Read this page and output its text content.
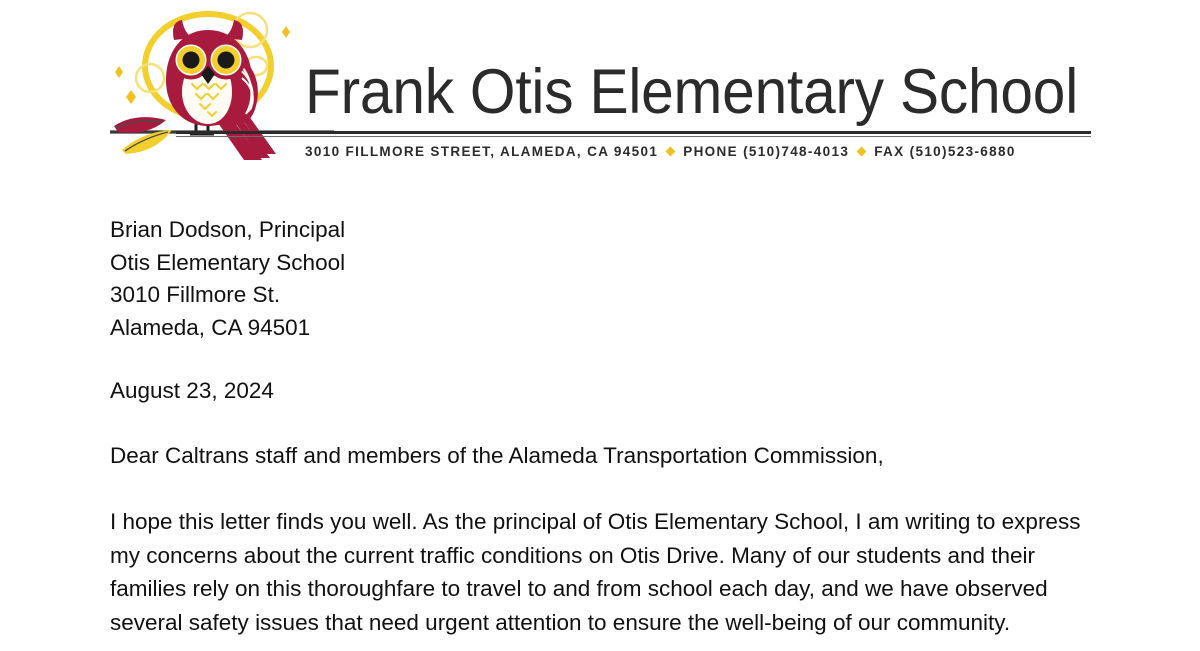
Frank Otis Elementary School
3010 FILLMORE STREET, ALAMEDA, CA 94501 PHONE (510)748-4013 FAX (510)523-6880
Brian Dodson, Principal
Otis Elementary School
3010 Fillmore St.
Alameda, CA 94501
August 23, 2024
Dear Caltrans staff and members of the Alameda Transportation Commission,
I hope this letter finds you well. As the principal of Otis Elementary School, I am writing to express my concerns about the current traffic conditions on Otis Drive. Many of our students and their families rely on this thoroughfare to travel to and from school each day, and we have observed several safety issues that need urgent attention to ensure the well-being of our community.
